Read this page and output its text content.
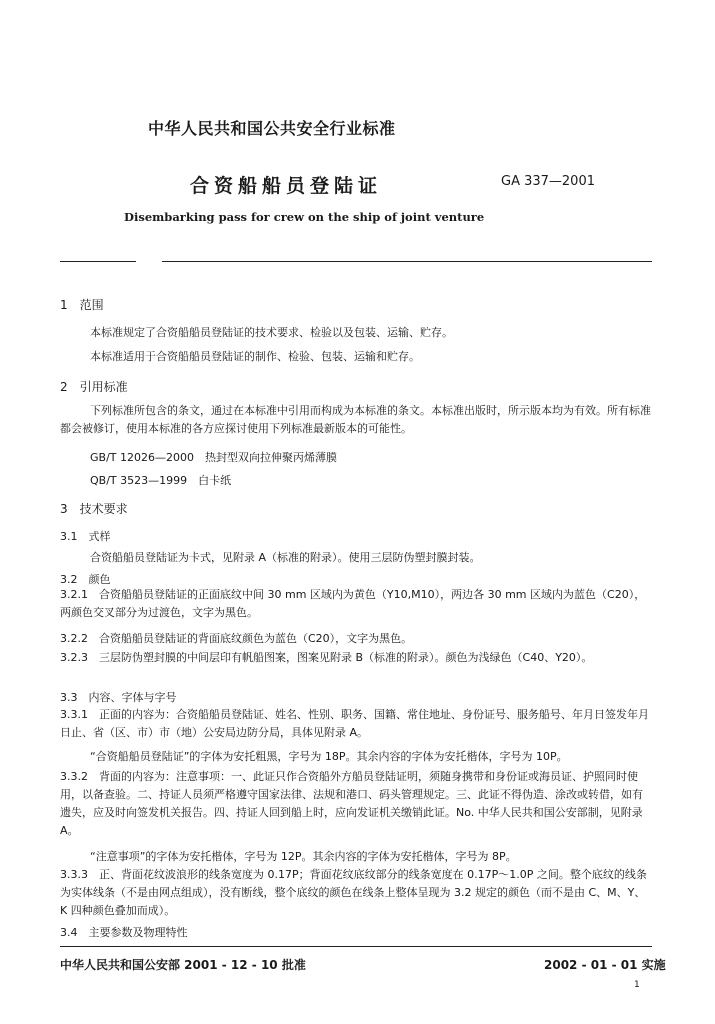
中华人民共和国公共安全行业标准
合资船船员登陆证	GA 337—2001
Disembarking pass for crew on the ship of joint venture
1　范围
本标准规定了合资船船员登陆证的技术要求、检验以及包装、运输、贮存。
本标准适用于合资船船员登陆证的制作、检验、包装、运输和贮存。
2　引用标准
下列标准所包含的条文，通过在本标准中引用而构成为本标准的条文。本标准出版时，所示版本均为有效。所有标准都会被修订，使用本标准的各方应探讨使用下列标准最新版本的可能性。
GB/T 12026—2000　热封型双向拉伸聚丙烯薄膜
QB/T 3523—1999　白卡纸
3　技术要求
3.1　式样
合资船船员登陆证为卡式，见附录 A（标准的附录）。使用三层防伪塑封膜封装。
3.2　颜色
3.2.1　合资船船员登陆证的正面底纹中间 30 mm 区域内为黄色（Y10,M10），两边各 30 mm 区域内为蓝色（C20），两颜色交叉部分为过渡色，文字为黑色。
3.2.2　合资船船员登陆证的背面底纹颜色为蓝色（C20），文字为黑色。
3.2.3　三层防伪塑封膜的中间层印有帆船图案，图案见附录 B（标准的附录）。颜色为浅绿色（C40、Y20）。
3.3　内容、字体与字号
3.3.1　正面的内容为：合资船船员登陆证、姓名、性别、职务、国籍、常住地址、身份证号、服务船号、年月日签发年月日止、省（区、市）市（地）公安局边防分局，具体见附录 A。
“合资船船员登陆证”的字体为安托粗黑，字号为 18P。其余内容的字体为安托楷体，字号为 10P。
3.3.2　背面的内容为：注意事项：一、此证只作合资船外方船员登陆证明，须随身携带和身份证或海员证、护照同时使用，以备查验。二、持证人员须严格遵守国家法律、法规和港口、码头管理规定。三、此证不得伪造、涂改或转借，如有遗失，应及时向签发机关报告。四、持证人回到船上时，应向发证机关缴销此证。No. 中华人民共和国公安部制，见附录 A。
“注意事项”的字体为安托楷体，字号为 12P。其余内容的字体为安托楷体，字号为 8P。
3.3.3　正、背面花纹波浪形的线条宽度为 0.17P；背面花纹底纹部分的线条宽度在 0.17P～1.0P 之间。整个底纹的线条为实体线条（不是由网点组成），没有断线，整个底纹的颜色在线条上整体呈现为 3.2 规定的颜色（而不是由 C、M、Y、K 四种颜色叠加而成）。
3.4　主要参数及物理特性
中华人民共和国公安部 2001 - 12 - 10 批准	2002 - 01 - 01 实施
1
